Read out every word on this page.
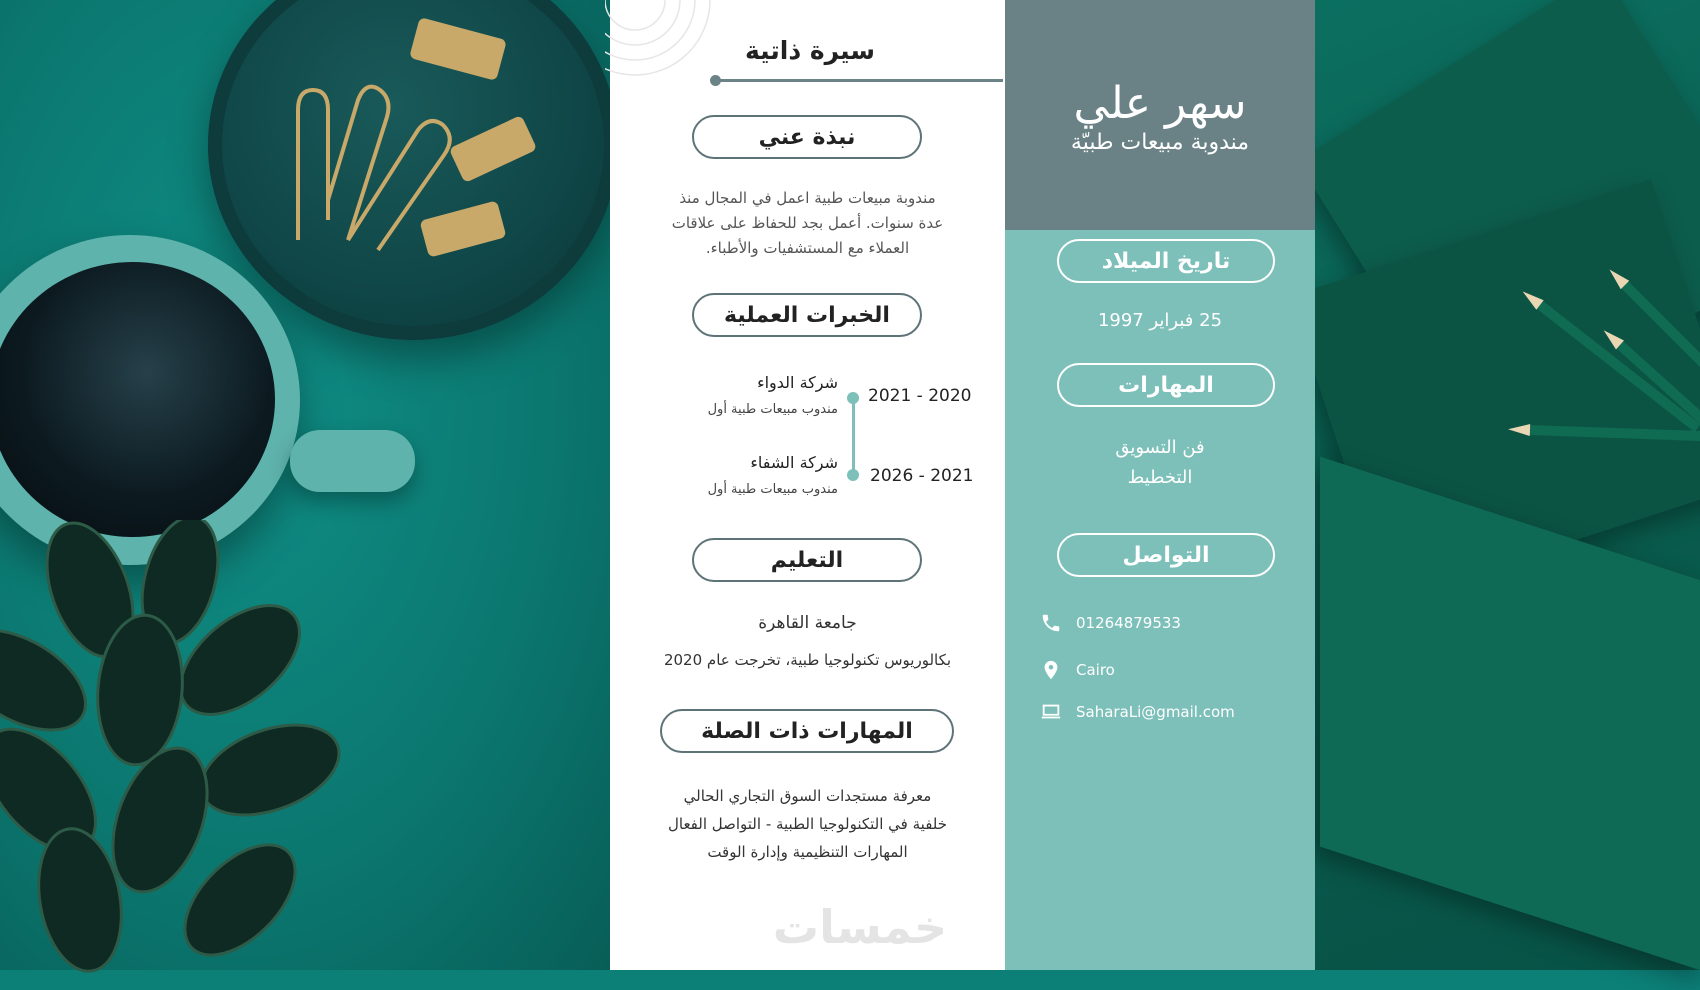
سيرة ذاتية
نبذة عني
مندوبة مبيعات طبية اعمل في المجال منذ
عدة سنوات. أعمل بجد للحفاظ على علاقات
العملاء مع المستشفيات والأطباء.
الخبرات العملية
شركة الدواء
مندوب مبيعات طبية أول
2021 - 2020
شركة الشفاء
مندوب مبيعات طبية أول
2026 - 2021
التعليم
جامعة القاهرة
بكالوريوس تكنولوجيا طبية، تخرجت عام 2020
المهارات ذات الصلة
معرفة مستجدات السوق التجاري الحالي
خلفية في التكنولوجيا الطبية - التواصل الفعال
المهارات التنظيمية وإدارة الوقت
خمسات
سهر علي
مندوبة مبيعات طبيّة
تاريخ الميلاد
25 فبراير 1997
المهارات
فن التسويق
التخطيط
التواصل
01264879533
Cairo
SaharaLi@gmail.com
